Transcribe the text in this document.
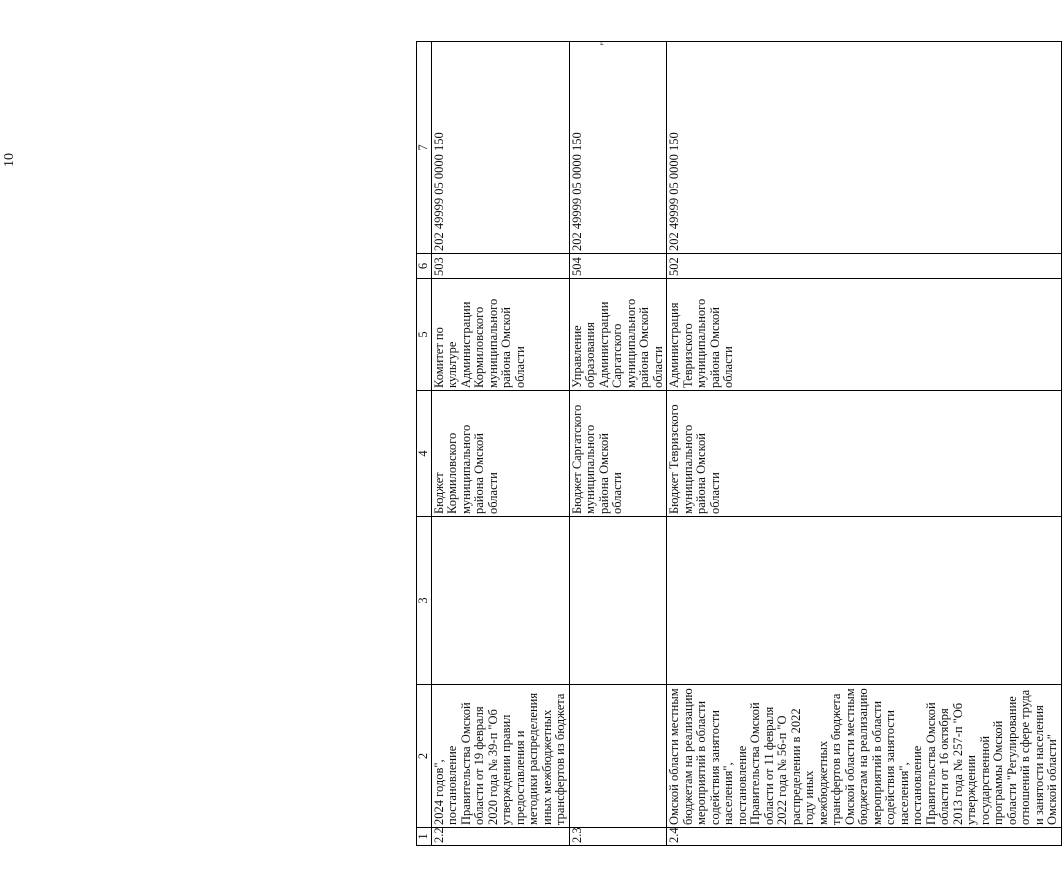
10
"
1	2	3	4	5	6	7
2.2	2024 годов", постановление Правительства Омской области от 19 февраля 2020 года № 39-п "Об утверждении правил предоставления и методики распределения иных межбюджетных трансфертов из бюджета		Бюджет Кормиловского муниципального района Омской области	Комитет по культуре Администрации Кормиловского муниципального района Омской области	503	202 49999 05 0000 150
2.3			Бюджет Саргатского муниципального района Омской области	Управление образования Администрации Саргатского муниципального района Омской области	504	202 49999 05 0000 150
2.4	Омской области местным бюджетам на реализацию мероприятий в области содействия занятости населения", постановление Правительства Омской области от 11 февраля 2022 года № 56-п "О распределении в 2022 году иных межбюджетных трансфертов из бюджета Омской области местным бюджетам на реализацию мероприятий в области содействия занятости населения", постановление Правительства Омской области от 16 октября 2013 года № 257-п "Об утверждении государственной программы Омской области "Регулирование отношений в сфере труда и занятости населения Омской области"		Бюджет Тевризского муниципального района Омской области	Администрация Тевризского муниципального района Омской области	502	202 49999 05 0000 150
